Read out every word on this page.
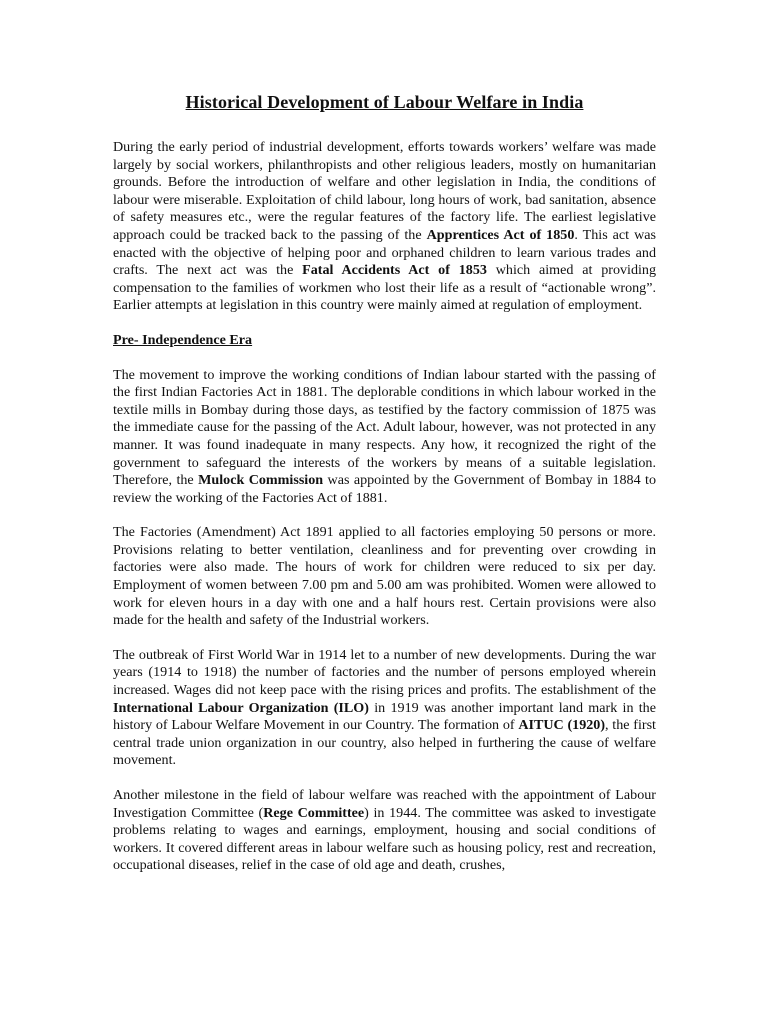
Historical Development of Labour Welfare in India

During the early period of industrial development, efforts towards workers’ welfare was made largely by social workers, philanthropists and other religious leaders, mostly on humanitarian grounds. Before the introduction of welfare and other legislation in India, the conditions of labour were miserable. Exploitation of child labour, long hours of work, bad sanitation, absence of safety measures etc., were the regular features of the factory life. The earliest legislative approach could be tracked back to the passing of the Apprentices Act of 1850. This act was enacted with the objective of helping poor and orphaned children to learn various trades and crafts. The next act was the Fatal Accidents Act of 1853 which aimed at providing compensation to the families of workmen who lost their life as a result of “actionable wrong”. Earlier attempts at legislation in this country were mainly aimed at regulation of employment.

Pre- Independence Era

The movement to improve the working conditions of Indian labour started with the passing of the first Indian Factories Act in 1881. The deplorable conditions in which labour worked in the textile mills in Bombay during those days, as testified by the factory commission of 1875 was the immediate cause for the passing of the Act. Adult labour, however, was not protected in any manner. It was found inadequate in many respects. Any how, it recognized the right of the government to safeguard the interests of the workers by means of a suitable legislation. Therefore, the Mulock Commission was appointed by the Government of Bombay in 1884 to review the working of the Factories Act of 1881.

The Factories (Amendment) Act 1891 applied to all factories employing 50 persons or more. Provisions relating to better ventilation, cleanliness and for preventing over crowding in factories were also made. The hours of work for children were reduced to six per day. Employment of women between 7.00 pm and 5.00 am was prohibited. Women were allowed to work for eleven hours in a day with one and a half hours rest. Certain provisions were also made for the health and safety of the Industrial workers.

The outbreak of First World War in 1914 let to a number of new developments. During the war years (1914 to 1918) the number of factories and the number of persons employed wherein increased. Wages did not keep pace with the rising prices and profits. The establishment of the International Labour Organization (ILO) in 1919 was another important land mark in the history of Labour Welfare Movement in our Country. The formation of AITUC (1920), the first central trade union organization in our country, also helped in furthering the cause of welfare movement.

Another milestone in the field of labour welfare was reached with the appointment of Labour Investigation Committee (Rege Committee) in 1944. The committee was asked to investigate problems relating to wages and earnings, employment, housing and social conditions of workers. It covered different areas in labour welfare such as housing policy, rest and recreation, occupational diseases, relief in the case of old age and death, crushes,
